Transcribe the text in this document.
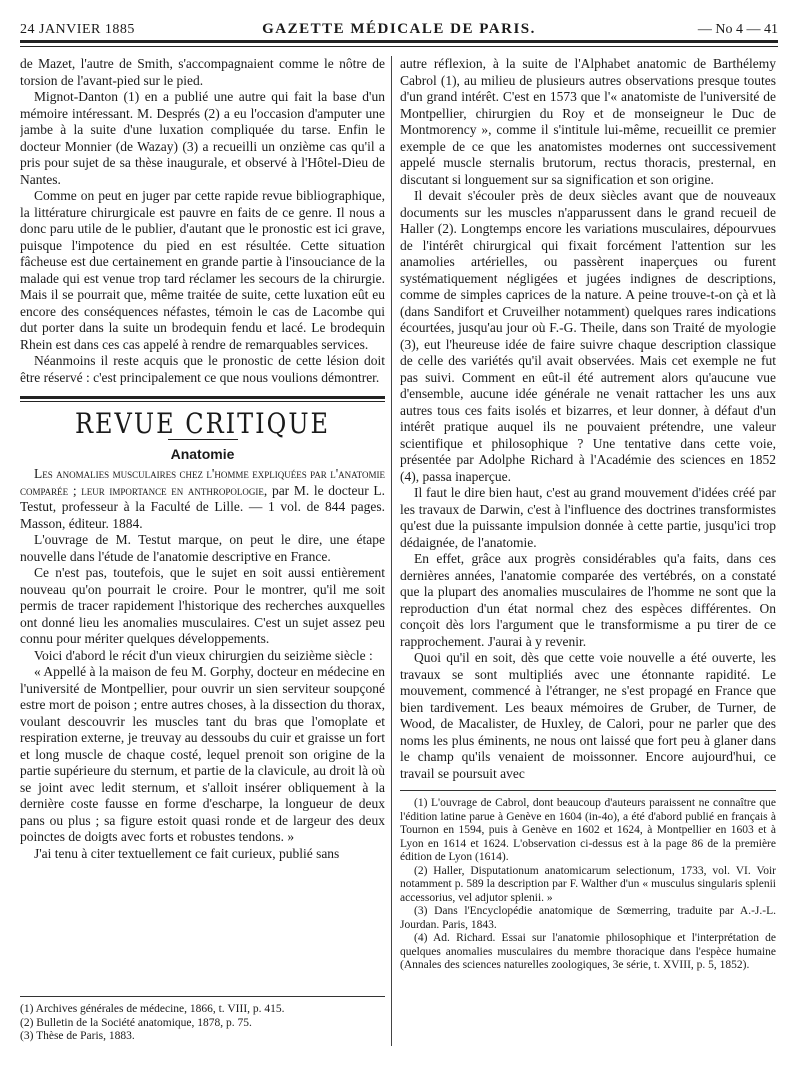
24 JANVIER 1885	GAZETTE MÉDICALE DE PARIS.	— No 4 — 41

de Mazet, l'autre de Smith, s'accompagnaient comme le nôtre de torsion de l'avant-pied sur le pied.

Mignot-Danton (1) en a publié une autre qui fait la base d'un mémoire intéressant. M. Després (2) a eu l'occasion d'amputer une jambe à la suite d'une luxation compliquée du tarse. Enfin le docteur Monnier (de Wazay) (3) a recueilli un onzième cas qu'il a pris pour sujet de sa thèse inaugurale, et observé à l'Hôtel-Dieu de Nantes.

Comme on peut en juger par cette rapide revue bibliographique, la littérature chirurgicale est pauvre en faits de ce genre. Il nous a donc paru utile de le publier, d'autant que le pronostic est ici grave, puisque l'impotence du pied en est résultée. Cette situation fâcheuse est due certainement en grande partie à l'insouciance de la malade qui est venue trop tard réclamer les secours de la chirurgie. Mais il se pourrait que, même traitée de suite, cette luxation eût eu encore des conséquences néfastes, témoin le cas de Lacombe qui dut porter dans la suite un brodequin fendu et lacé. Le brodequin Rhein est dans ces cas appelé à rendre de remarquables services.

Néanmoins il reste acquis que le pronostic de cette lésion doit être réservé : c'est principalement ce que nous voulions démontrer.

REVUE CRITIQUE
Anatomie

Les anomalies musculaires chez l'homme expliquées par l'anatomie comparée ; leur importance en anthropologie, par M. le docteur L. Testut, professeur à la Faculté de Lille. — 1 vol. de 844 pages. Masson, éditeur. 1884.

L'ouvrage de M. Testut marque, on peut le dire, une étape nouvelle dans l'étude de l'anatomie descriptive en France.

Ce n'est pas, toutefois, que le sujet en soit aussi entièrement nouveau qu'on pourrait le croire. Pour le montrer, qu'il me soit permis de tracer rapidement l'historique des recherches auxquelles ont donné lieu les anomalies musculaires. C'est un sujet assez peu connu pour mériter quelques développements.

Voici d'abord le récit d'un vieux chirurgien du seizième siècle :

« Appellé à la maison de feu M. Gorphy, docteur en médecine en l'université de Montpellier, pour ouvrir un sien serviteur soupçoné estre mort de poison ; entre autres choses, à la dissection du thorax, voulant descouvrir les muscles tant du bras que l'omoplate et respiration externe, je treuvay au dessoubs du cuir et graisse un fort et long muscle de chaque costé, lequel prenoit son origine de la partie supérieure du sternum, et partie de la clavicule, au droit là où se joint avec ledit sternum, et s'alloit insérer obliquement à la dernière coste fausse en forme d'escharpe, la longueur de deux pans ou plus ; sa figure estoit quasi ronde et de largeur des deux poinctes de doigts avec forts et robustes tendons. »

J'ai tenu à citer textuellement ce fait curieux, publié sans

(1) Archives générales de médecine, 1866, t. VIII, p. 415.

(2) Bulletin de la Société anatomique, 1878, p. 75.

(3) Thèse de Paris, 1883.

autre réflexion, à la suite de l'Alphabet anatomic de Barthélemy Cabrol (1), au milieu de plusieurs autres observations presque toutes d'un grand intérêt. C'est en 1573 que l'« anatomiste de l'université de Montpellier, chirurgien du Roy et de monseigneur le Duc de Montmorency », comme il s'intitule lui-même, recueillit ce premier exemple de ce que les anatomistes modernes ont successivement appelé muscle sternalis brutorum, rectus thoracis, presternal, en discutant si longuement sur sa signification et son origine.

Il devait s'écouler près de deux siècles avant que de nouveaux documents sur les muscles n'apparussent dans le grand recueil de Haller (2). Longtemps encore les variations musculaires, dépourvues de l'intérêt chirurgical qui fixait forcément l'attention sur les anamolies artérielles, ou passèrent inaperçues ou furent systématiquement négligées et jugées indignes de descriptions, comme de simples caprices de la nature. A peine trouve-t-on çà et là (dans Sandifort et Cruveilher notamment) quelques rares indications écourtées, jusqu'au jour où F.-G. Theile, dans son Traité de myologie (3), eut l'heureuse idée de faire suivre chaque description classique de celle des variétés qu'il avait observées. Mais cet exemple ne fut pas suivi. Comment en eût-il été autrement alors qu'aucune vue d'ensemble, aucune idée générale ne venait rattacher les uns aux autres tous ces faits isolés et bizarres, et leur donner, à défaut d'un intérêt pratique auquel ils ne pouvaient prétendre, une valeur scientifique et philosophique ? Une tentative dans cette voie, présentée par Adolphe Richard à l'Académie des sciences en 1852 (4), passa inaperçue.

Il faut le dire bien haut, c'est au grand mouvement d'idées créé par les travaux de Darwin, c'est à l'influence des doctrines transformistes qu'est due la puissante impulsion donnée à cette partie, jusqu'ici trop dédaignée, de l'anatomie.

En effet, grâce aux progrès considérables qu'a faits, dans ces dernières années, l'anatomie comparée des vertébrés, on a constaté que la plupart des anomalies musculaires de l'homme ne sont que la reproduction d'un état normal chez des espèces différentes. On conçoit dès lors l'argument que le transformisme a pu tirer de ce rapprochement. J'aurai à y revenir.

Quoi qu'il en soit, dès que cette voie nouvelle a été ouverte, les travaux se sont multipliés avec une étonnante rapidité. Le mouvement, commencé à l'étranger, ne s'est propagé en France que bien tardivement. Les beaux mémoires de Gruber, de Turner, de Wood, de Macalister, de Huxley, de Calori, pour ne parler que des noms les plus éminents, ne nous ont laissé que fort peu à glaner dans le champ qu'ils venaient de moissonner. Encore aujourd'hui, ce travail se poursuit avec

(1) L'ouvrage de Cabrol, dont beaucoup d'auteurs paraissent ne connaître que l'édition latine parue à Genève en 1604 (in-4o), a été d'abord publié en français à Tournon en 1594, puis à Genève en 1602 et 1624, à Montpellier en 1603 et à Lyon en 1614 et 1624. L'observation ci-dessus est à la page 86 de la première édition de Lyon (1614).

(2) Haller, Disputationum anatomicarum selectionum, 1733, vol. VI. Voir notamment p. 589 la description par F. Walther d'un « musculus singularis splenii accessorius, vel adjutor splenii. »

(3) Dans l'Encyclopédie anatomique de Sœmerring, traduite par A.-J.-L. Jourdan. Paris, 1843.

(4) Ad. Richard. Essai sur l'anatomie philosophique et l'interprétation de quelques anomalies musculaires du membre thoracique dans l'espèce humaine (Annales des sciences naturelles zoologiques, 3e série, t. XVIII, p. 5, 1852).
